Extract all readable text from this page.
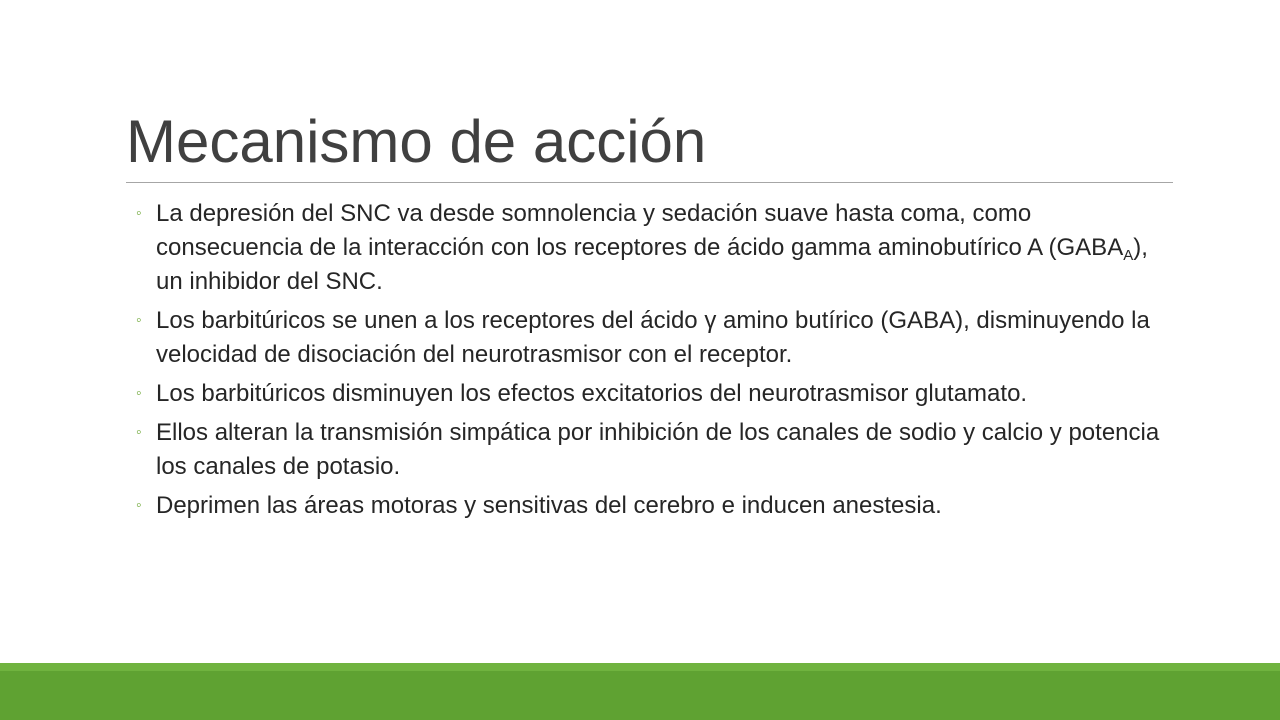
Mecanismo de acción
◦ La depresión del SNC va desde somnolencia y sedación suave hasta coma, como consecuencia de la interacción con los receptores de ácido gamma aminobutírico A $(GABA_A)$, un inhibidor del SNC.
◦ Los barbitúricos se unen a los receptores del ácido γ amino butírico (GABA), disminuyendo la velocidad de disociación del neurotrasmisor con el receptor.
◦ Los barbitúricos disminuyen los efectos excitatorios del neurotrasmisor glutamato.
◦ Ellos alteran la transmisión simpática por inhibición de los canales de sodio y calcio y potencia los canales de potasio.
◦ Deprimen las áreas motoras y sensitivas del cerebro e inducen anestesia.
